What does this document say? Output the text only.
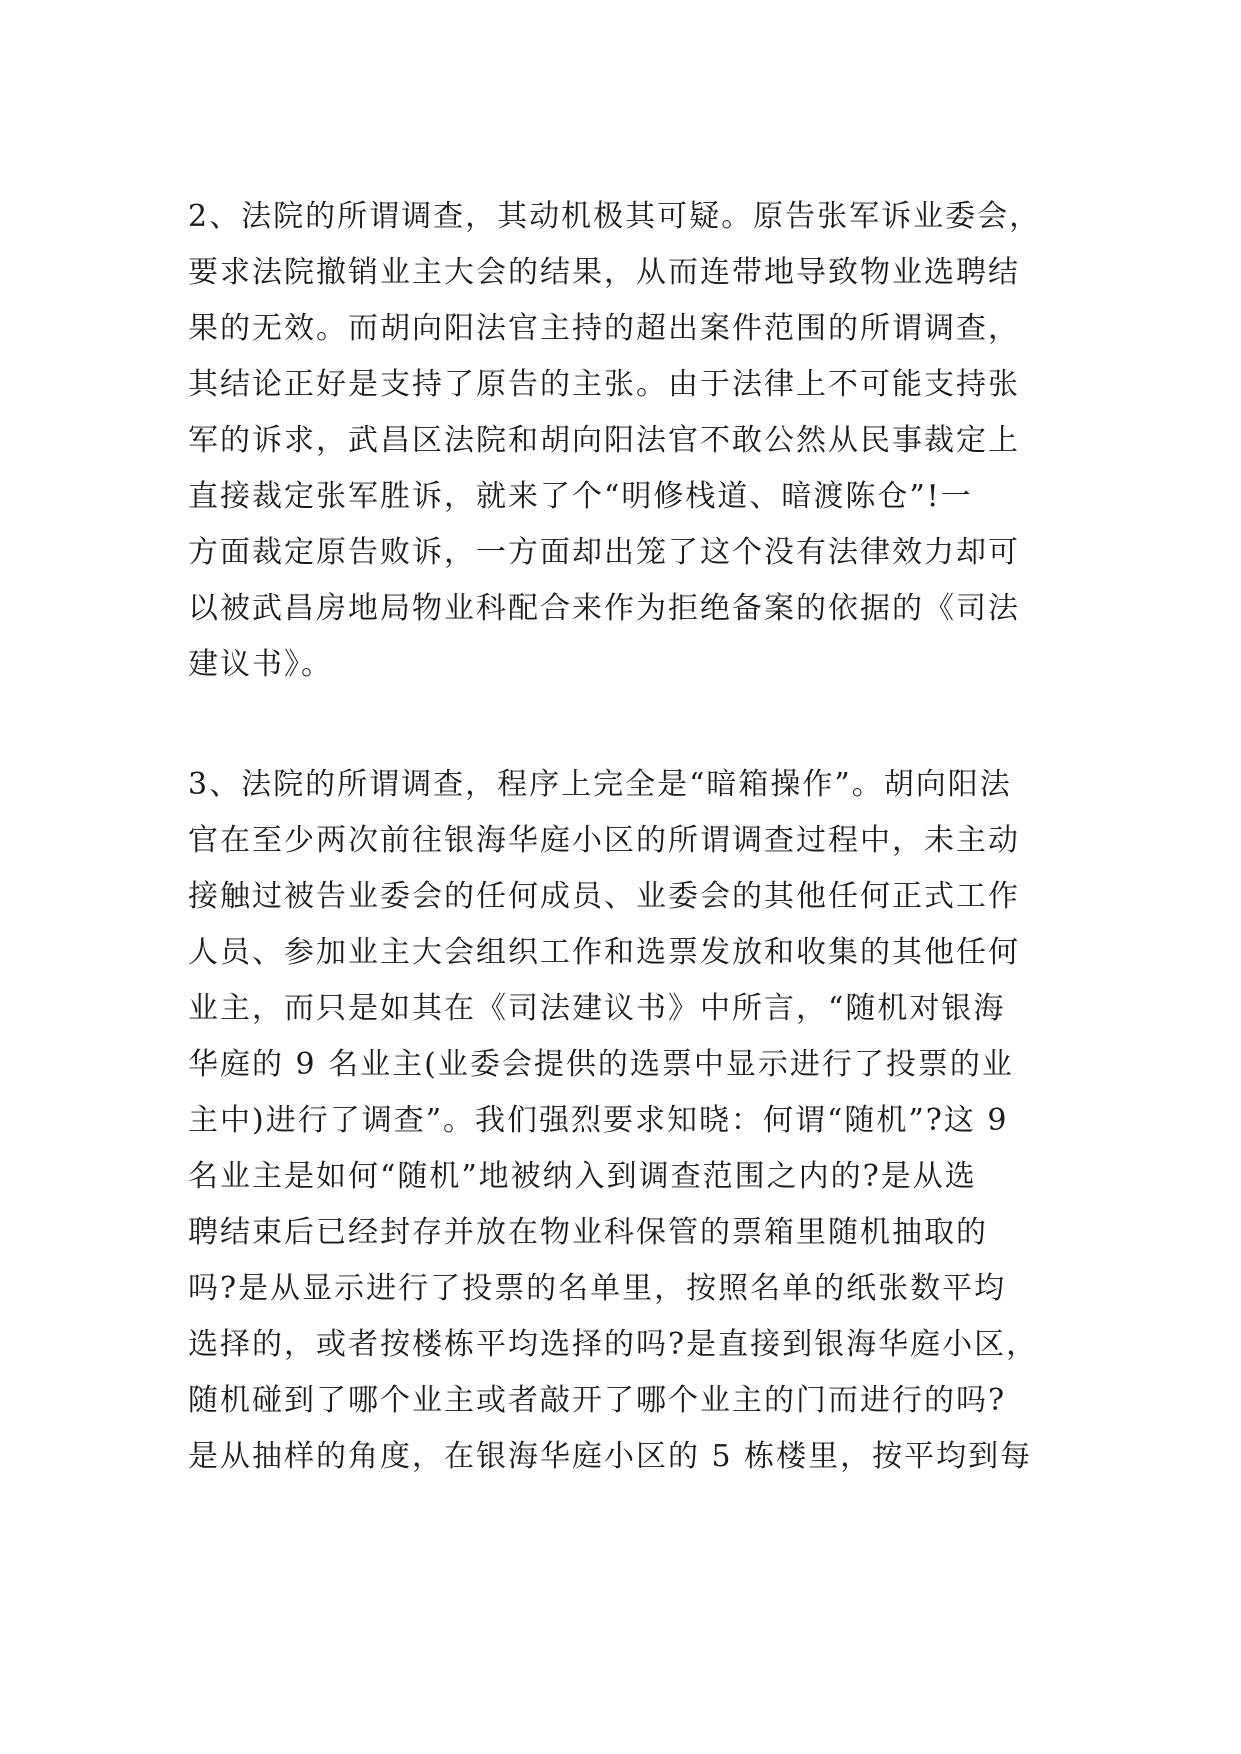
2、法院的所谓调查，其动机极其可疑。原告张军诉业委会，
要求法院撤销业主大会的结果，从而连带地导致物业选聘结
果的无效。而胡向阳法官主持的超出案件范围的所谓调查，
其结论正好是支持了原告的主张。由于法律上不可能支持张
军的诉求，武昌区法院和胡向阳法官不敢公然从民事裁定上
直接裁定张军胜诉，就来了个“明修栈道、暗渡陈仓”!一
方面裁定原告败诉，一方面却出笼了这个没有法律效力却可
以被武昌房地局物业科配合来作为拒绝备案的依据的《司法
建议书》。
3、法院的所谓调查，程序上完全是“暗箱操作”。胡向阳法
官在至少两次前往银海华庭小区的所谓调查过程中，未主动
接触过被告业委会的任何成员、业委会的其他任何正式工作
人员、参加业主大会组织工作和选票发放和收集的其他任何
业主，而只是如其在《司法建议书》中所言，“随机对银海
华庭的 9 名业主(业委会提供的选票中显示进行了投票的业
主中)进行了调查”。我们强烈要求知晓：何谓“随机”?这 9
名业主是如何“随机”地被纳入到调查范围之内的?是从选
聘结束后已经封存并放在物业科保管的票箱里随机抽取的
吗?是从显示进行了投票的名单里，按照名单的纸张数平均
选择的，或者按楼栋平均选择的吗?是直接到银海华庭小区，
随机碰到了哪个业主或者敲开了哪个业主的门而进行的吗?
是从抽样的角度，在银海华庭小区的 5 栋楼里，按平均到每
